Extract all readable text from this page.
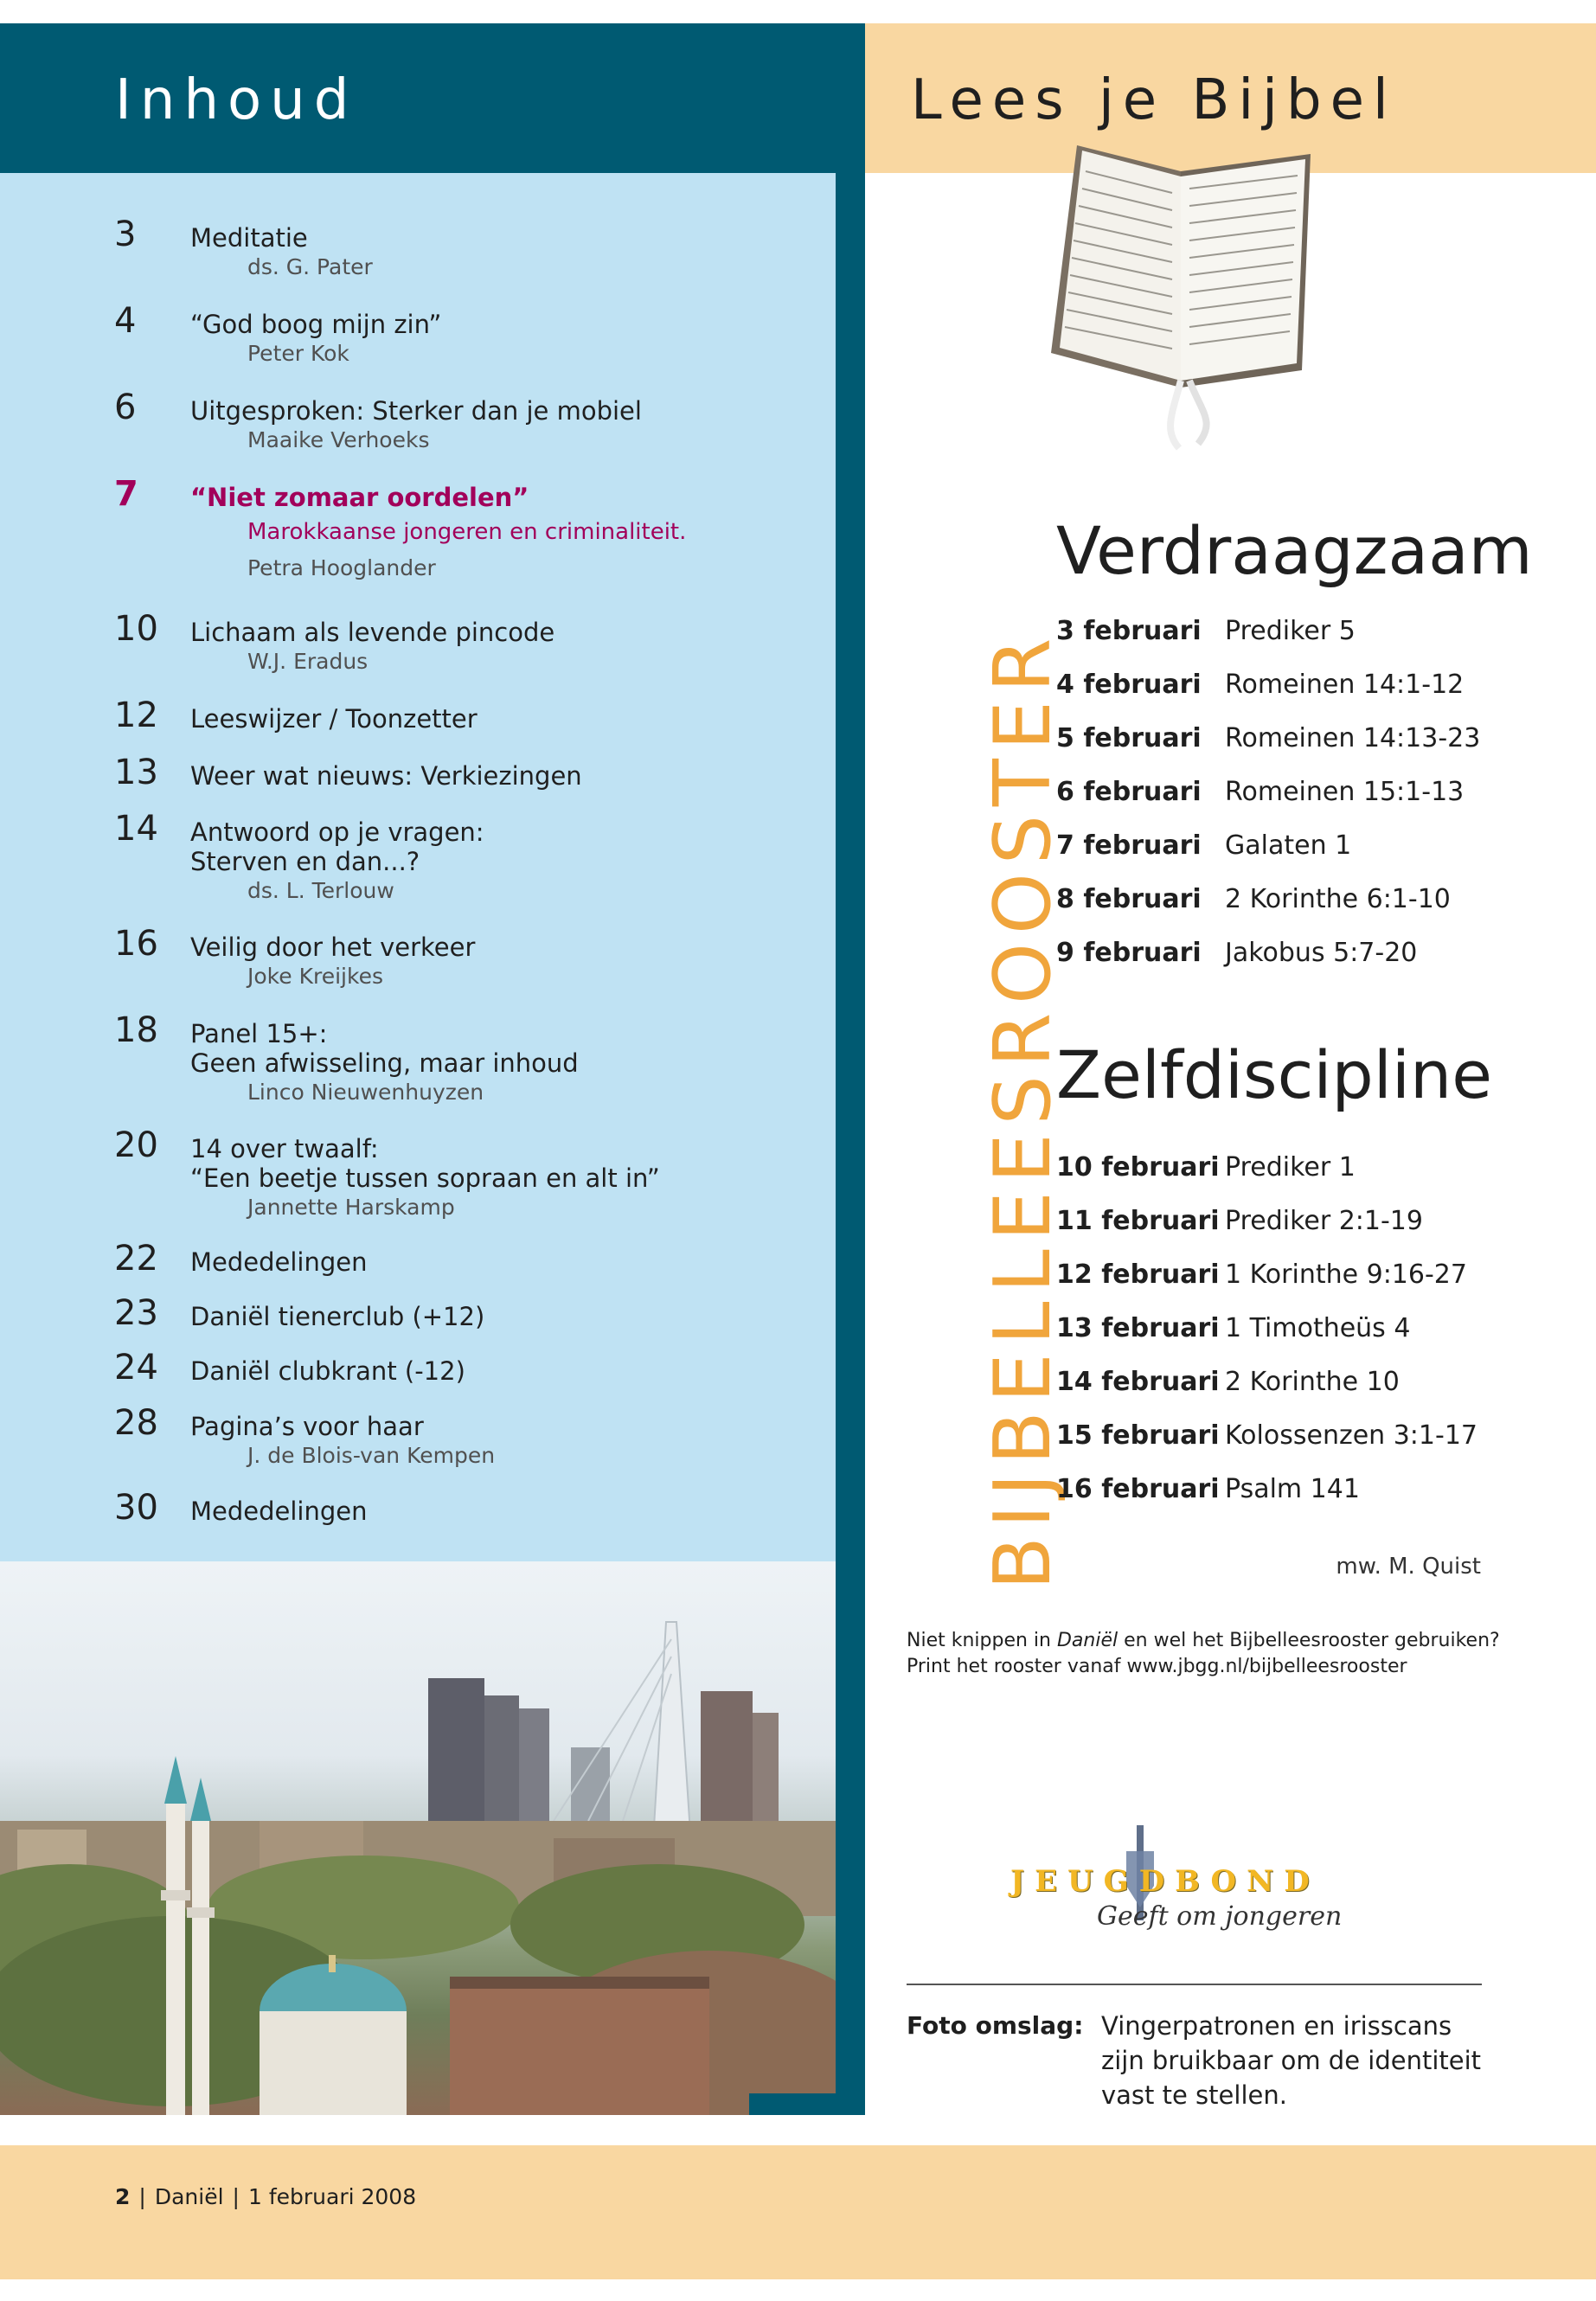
Inhoud
3 Meditatie
ds. G. Pater
4 “God boog mijn zin”
Peter Kok
6 Uitgesproken: Sterker dan je mobiel
Maaike Verhoeks
7 “Niet zomaar oordelen”
Marokkaanse jongeren en criminaliteit.
Petra Hooglander
10 Lichaam als levende pincode
W.J. Eradus
12 Leeswijzer / Toonzetter
13 Weer wat nieuws: Verkiezingen
14 Antwoord op je vragen:
Sterven en dan...?
ds. L. Terlouw
16 Veilig door het verkeer
Joke Kreijkes
18 Panel 15+:
Geen afwisseling, maar inhoud
Linco Nieuwenhuyzen
20 14 over twaalf:
“Een beetje tussen sopraan en alt in”
Jannette Harskamp
22 Mededelingen
23 Daniël tienerclub (+12)
24 Daniël clubkrant (-12)
28 Pagina’s voor haar
J. de Blois-van Kempen
30 Mededelingen
Lees je Bijbel
BIJBELLEESROOSTER
Verdraagzaam
3 februari Prediker 5
4 februari Romeinen 14:1-12
5 februari Romeinen 14:13-23
6 februari Romeinen 15:1-13
7 februari Galaten 1
8 februari 2 Korinthe 6:1-10
9 februari Jakobus 5:7-20
Zelfdiscipline
10 februari Prediker 1
11 februari Prediker 2:1-19
12 februari 1 Korinthe 9:16-27
13 februari 1 Timotheüs 4
14 februari 2 Korinthe 10
15 februari Kolossenzen 3:1-17
16 februari Psalm 141
mw. M. Quist
Niet knippen in Daniël en wel het Bijbelleesrooster gebruiken?
Print het rooster vanaf www.jbgg.nl/bijbelleesrooster
JEUGDBOND
Geeft om jongeren
Foto omslag: Vingerpatronen en irisscans zijn bruikbaar om de identiteit vast te stellen.
2 | Daniël | 1 februari 2008
